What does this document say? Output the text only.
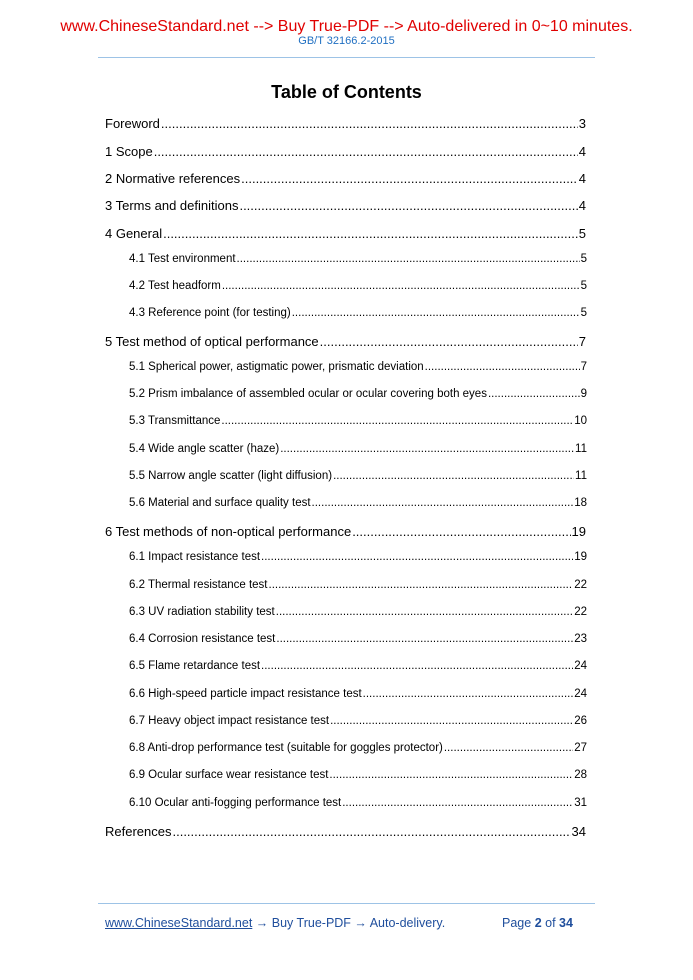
www.ChineseStandard.net --> Buy True-PDF --> Auto-delivered in 0~10 minutes.
GB/T 32166.2-2015
Table of Contents
Foreword .....	3
1 Scope .....	4
2 Normative references .....	4
3 Terms and definitions .....	4
4 General .....	5
4.1 Test environment .....	5
4.2 Test headform .....	5
4.3 Reference point (for testing) .....	5
5 Test method of optical performance .....	7
5.1 Spherical power, astigmatic power, prismatic deviation .....	7
5.2 Prism imbalance of assembled ocular or ocular covering both eyes .....	9
5.3 Transmittance .....	10
5.4 Wide angle scatter (haze) .....	11
5.5 Narrow angle scatter (light diffusion) .....	11
5.6 Material and surface quality test .....	18
6 Test methods of non-optical performance .....	19
6.1 Impact resistance test .....	19
6.2 Thermal resistance test .....	22
6.3 UV radiation stability test .....	22
6.4 Corrosion resistance test .....	23
6.5 Flame retardance test .....	24
6.6 High-speed particle impact resistance test .....	24
6.7 Heavy object impact resistance test .....	26
6.8 Anti-drop performance test (suitable for goggles protector) .....	27
6.9 Ocular surface wear resistance test .....	28
6.10 Ocular anti-fogging performance test .....	31
References .....	34
www.ChineseStandard.net → Buy True-PDF → Auto-delivery.	Page 2 of 34
